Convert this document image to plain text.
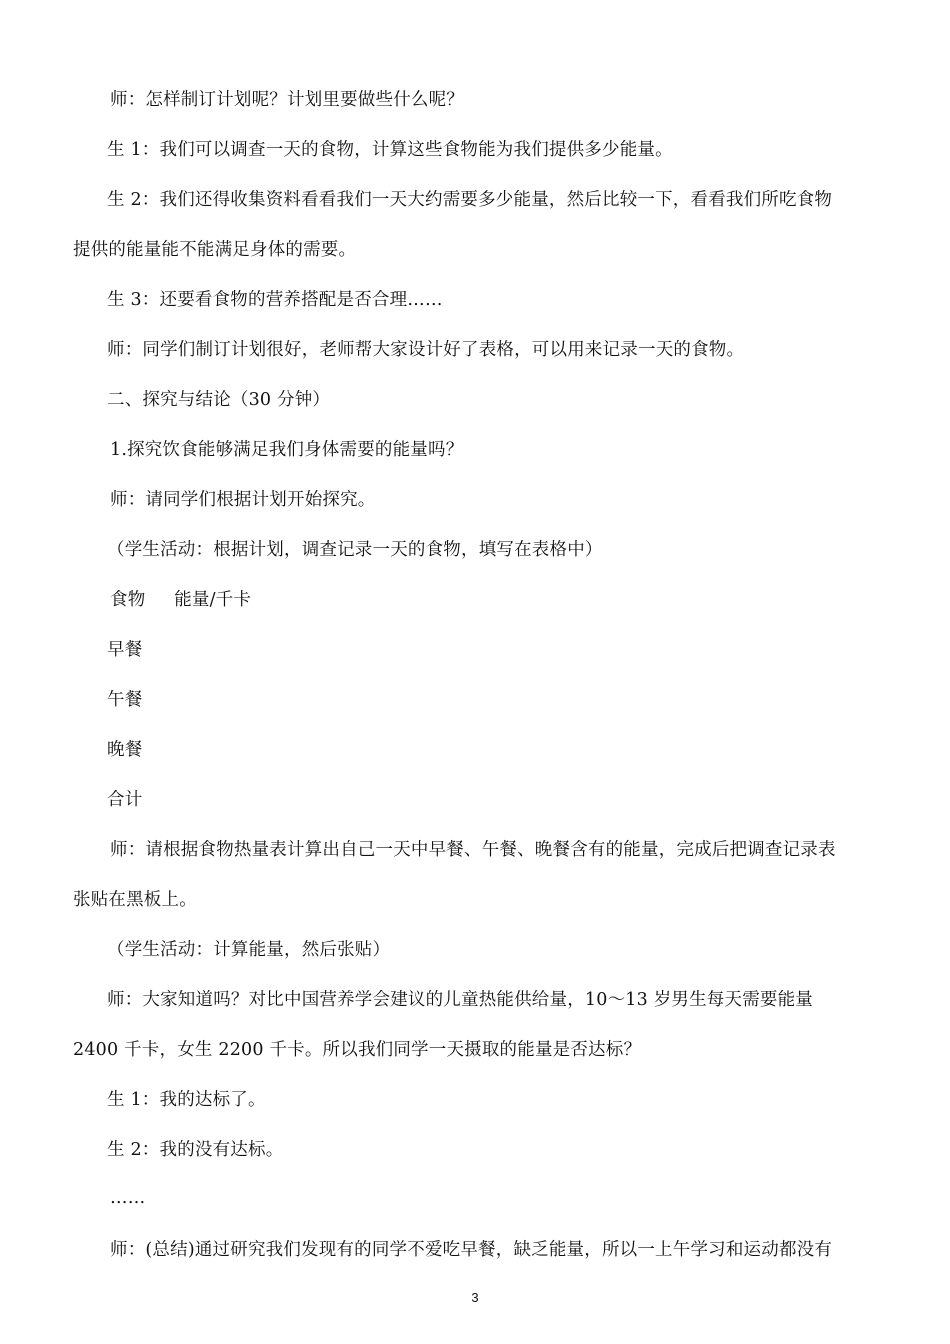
师：怎样制订计划呢？计划里要做些什么呢？
生 1：我们可以调查一天的食物，计算这些食物能为我们提供多少能量。
生 2：我们还得收集资料看看我们一天大约需要多少能量，然后比较一下，看看我们所吃食物
提供的能量能不能满足身体的需要。
生 3：还要看食物的营养搭配是否合理……
师：同学们制订计划很好，老师帮大家设计好了表格，可以用来记录一天的食物。
二、探究与结论（30 分钟）
1.探究饮食能够满足我们身体需要的能量吗？
师：请同学们根据计划开始探究。
（学生活动：根据计划，调查记录一天的食物，填写在表格中）
食物     能量/千卡
早餐
午餐
晚餐
合计
师：请根据食物热量表计算出自己一天中早餐、午餐、晚餐含有的能量，完成后把调查记录表
张贴在黑板上。
（学生活动：计算能量，然后张贴）
师：大家知道吗？对比中国营养学会建议的儿童热能供给量，10～13 岁男生每天需要能量
2400 千卡，女生 2200 千卡。所以我们同学一天摄取的能量是否达标？
生 1：我的达标了。
生 2：我的没有达标。
……
师：(总结)通过研究我们发现有的同学不爱吃早餐，缺乏能量，所以一上午学习和运动都没有
3
